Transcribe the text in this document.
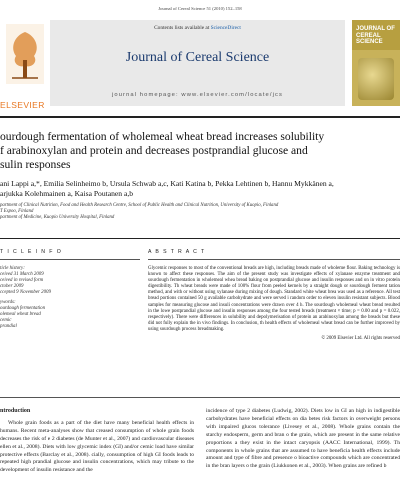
Journal of Cereal Science 51 (2010) 152–158
ELSEVIER
Contents lists available at ScienceDirect
Journal of Cereal Science
journal homepage: www.elsevier.com/locate/jcs
JOURNAL OF CEREAL SCIENCE
ourdough fermentation of wholemeal wheat bread increases solubility
f arabinoxylan and protein and decreases postprandial glucose and
sulin responses
ani Lappi a,*, Emilia Selinheimo b, Ursula Schwab a,c, Kati Katina b, Pekka Lehtinen b, Hannu Mykkänen a,
arjukka Kolehmainen a, Kaisa Poutanen a,b
partment of Clinical Nutrition, Food and Health Research Centre, School of Public Health and Clinical Nutrition, University of Kuopio, Finland
T Espoo, Finland
partment of Medicine, Kuopio University Hospital, Finland
T I C L E I N F O	A B S T R A C T
ticle history:
ceived 31 March 2009
ceived in revised form
ctober 2009
ccepted 9 November 2009
ywords:
ourdough fermentation
olemeal wheat bread
cemic
prandial
Glycemic responses to most of the conventional breads are high, including breads made of wholeme flour. Baking technology is known to affect these responses. The aim of the present study was investigate effects of xylanase enzyme treatment and sourdough fermentation in wholemeal whea bread baking on postprandial glucose and insulin responses and on in vitro protein digestibility. Th wheat breads were made of 100% flour from peeled kernels by a straight dough or sourdough ferment tation method, and with or without using xylanase during mixing of dough. Standard white wheat brea was used as a reference. All test bread portions contained 50 g available carbohydrate and were served i random order to eleven insulin resistant subjects. Blood samples for measuring glucose and insuli concentrations were drawn over 4 h. The sourdough wholemeal wheat bread resulted in the lowe postprandial glucose and insulin responses among the four tested breads (treatment × time; p = 0.00 and p = 0.022, respectively). There were differences in solubility and depolymerisation of protein an arabinoxylan among the breads but these did not fully explain the in vivo findings. In conclusion, th health effects of wholemeal wheat bread can be further improved by using sourdough process breadmaking.
© 2009 Elsevier Ltd. All rights reserved
ntroduction

Whole grain foods as a part of the diet have many beneficial health effects in humans. Recent meta-analyses show that creased consumption of whole grain foods decreases the risk of e 2 diabetes (de Munter et al., 2007) and cardiovascular diseases ellen et al., 2008). Diets with low glycemic index (GI) and/or cemic load have similar protective effects (Barclay et al., 2008). cially, consumption of high GI foods leads to repeated high prandial glucose and insulin concentrations, which may tribute to the development of insulin resistance and the

incidence of type 2 diabetes (Ludwig, 2002). Diets low in GI an high in indigestible carbohydrates have beneficial effects on dia betes risk factors in overweight persons with impaired glucos tolerance (Livesey et al., 2008). Whole grains contain the starchy endosperm, germ and bran o the grain, which are present in the same relative proportions a they exist in the intact caryopsis (AACC International, 1999). Th components in whole grains that are assumed to have beneficia health effects include amount and type of fibre and presence o bioactive compounds which are concentrated in the bran layers o the grain (Liukkonen et al., 2003). When grains are refined b
